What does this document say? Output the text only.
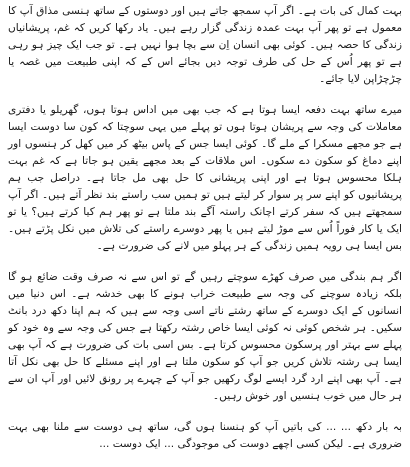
بہت کمال کی بات ہے۔ اگر آپ سمجھ جاتے ہیں اور دوستوں کے ساتھ ہنسی مذاق آپ کا معمول ہے تو پھر آپ بہت عمدہ زندگی گزار رہے ہیں۔ یاد رکھا کریں کہ غم، پریشانیاں زندگی کا حصہ ہیں۔ کوئی بھی انسان اِن سے بچا ہوا نہیں ہے۔ تو جب ایک چیز ہو رہی ہے تو پھر اُس کے حل کی طرف توجہ دیں بجائے اس کے کہ اپنی طبیعت میں غصہ یا چڑچڑاپن لایا جائے۔

میرے ساتھ بہت دفعہ ایسا ہوتا ہے کہ جب بھی میں اداس ہوتا ہوں، گھریلو یا دفتری معاملات کی وجہ سے پریشان ہوتا ہوں تو پہلے میں یہی سوچتا کہ کون سا دوست ایسا ہے جو مجھے مسکرا کے ملے گا۔ کوئی ایسا جس کے پاس بیٹھ کر میں کھل کر ہنسوں اور اپنے دماغ کو سکون دے سکوں۔ اس ملاقات کے بعد مجھے یقین ہو جاتا ہے کہ غم بہت ہلکا محسوس ہوتا ہے اور اپنی پریشانی کا حل بھی مل جاتا ہے۔ دراصل جب ہم پریشانیوں کو اپنے سر پر سوار کر لیتے ہیں تو ہمیں سب راستے بند نظر آتے ہیں۔ اگر آپ سمجھتے ہیں کہ سفر کرتے اچانک راستہ آگے بند ملتا ہے تو پھر ہم کیا کرتے ہیں؟ یا تو ایک یا کار فوراً اُس سے موڑ لیتے ہیں یا پھر دوسرے راستے کی تلاش میں نکل پڑتے ہیں۔ بس ایسا ہی رویہ ہمیں زندگی کے ہر پہلو میں لانے کی ضرورت ہے۔

اگر ہم بندگی میں صرف کھڑے سوچتے رہیں گے تو اس سے نہ صرف وقت ضائع ہو گا بلکہ زیادہ سوچنے کی وجہ سے طبیعت خراب ہونے کا بھی خدشہ ہے۔ اس دنیا میں انسانوں کے ایک دوسرے کے ساتھ رشتے ناتے اسی وجہ سے ہیں کہ ہم اپنا دکھ درد بانٹ سکیں۔ ہر شخص کوئی نہ کوئی ایسا خاص رشتہ رکھتا ہے جس کی وجہ سے وہ خود کو پہلے سے بہتر اور پرسکون محسوس کرتا ہے۔ بس اسی بات کی ضرورت ہے کہ آپ بھی ایسا ہی رشتہ تلاش کریں جو آپ کو سکون ملتا ہے اور اپنے مسئلے کا حل بھی نکل آتا ہے۔ آپ بھی اپنے ارد گرد ایسے لوگ رکھیں جو آپ کے چہرے پر رونق لائیں اور آپ ان سے ہر حال میں خوب ہنسیں اور خوش رہیں۔

بہ بار دکھ ... ... کی باتیں آپ کو ہنسنا ہوں گی، ساتھ ہی دوست سے ملنا بھی بہت ضروری ہے۔ لیکن کسی اچھے دوست کی موجودگی ... ایک دوست ...
